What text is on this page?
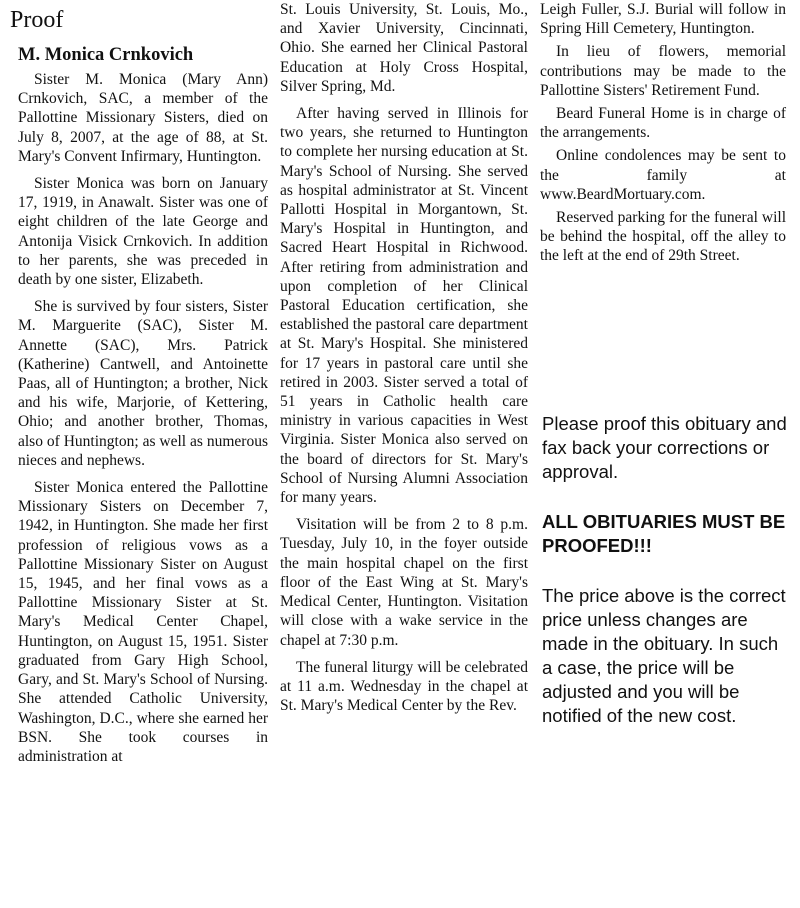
Proof
M. Monica Crnkovich

Sister M. Monica (Mary Ann) Crnkovich, SAC, a member of the Pallottine Missionary Sisters, died on July 8, 2007, at the age of 88, at St. Mary's Convent Infirmary, Huntington.

Sister Monica was born on January 17, 1919, in Anawalt. Sister was one of eight children of the late George and Antonija Visick Crnkovich. In addition to her parents, she was preceded in death by one sister, Elizabeth.

She is survived by four sisters, Sister M. Marguerite (SAC), Sister M. Annette (SAC), Mrs. Patrick (Katherine) Cantwell, and Antoinette Paas, all of Huntington; a brother, Nick and his wife, Marjorie, of Kettering, Ohio; and another brother, Thomas, also of Huntington; as well as numerous nieces and nephews.

Sister Monica entered the Pallottine Missionary Sisters on December 7, 1942, in Huntington. She made her first profession of religious vows as a Pallottine Missionary Sister on August 15, 1945, and her final vows as a Pallottine Missionary Sister at St. Mary's Medical Center Chapel, Huntington, on August 15, 1951. Sister graduated from Gary High School, Gary, and St. Mary's School of Nursing. She attended Catholic University, Washington, D.C., where she earned her BSN. She took courses in administration at

St. Louis University, St. Louis, Mo., and Xavier University, Cincinnati, Ohio. She earned her Clinical Pastoral Education at Holy Cross Hospital, Silver Spring, Md.

After having served in Illinois for two years, she returned to Huntington to complete her nursing education at St. Mary's School of Nursing. She served as hospital administrator at St. Vincent Pallotti Hospital in Morgantown, St. Mary's Hospital in Huntington, and Sacred Heart Hospital in Richwood. After retiring from administration and upon completion of her Clinical Pastoral Education certification, she established the pastoral care department at St. Mary's Hospital. She ministered for 17 years in pastoral care until she retired in 2003. Sister served a total of 51 years in Catholic health care ministry in various capacities in West Virginia. Sister Monica also served on the board of directors for St. Mary's School of Nursing Alumni Association for many years.

Visitation will be from 2 to 8 p.m. Tuesday, July 10, in the foyer outside the main hospital chapel on the first floor of the East Wing at St. Mary's Medical Center, Huntington. Visitation will close with a wake service in the chapel at 7:30 p.m.

The funeral liturgy will be celebrated at 11 a.m. Wednesday in the chapel at St. Mary's Medical Center by the Rev.

Leigh Fuller, S.J. Burial will follow in Spring Hill Cemetery, Huntington.

In lieu of flowers, memorial contributions may be made to the Pallottine Sisters' Retirement Fund.

Beard Funeral Home is in charge of the arrangements.

Online condolences may be sent to the family at www.BeardMortuary.com.

Reserved parking for the funeral will be behind the hospital, off the alley to the left at the end of 29th Street.

Please proof this obituary and fax back your corrections or approval.

ALL OBITUARIES MUST BE PROOFED!!!

The price above is the correct price unless changes are made in the obituary. In such a case, the price will be adjusted and you will be notified of the new cost.
